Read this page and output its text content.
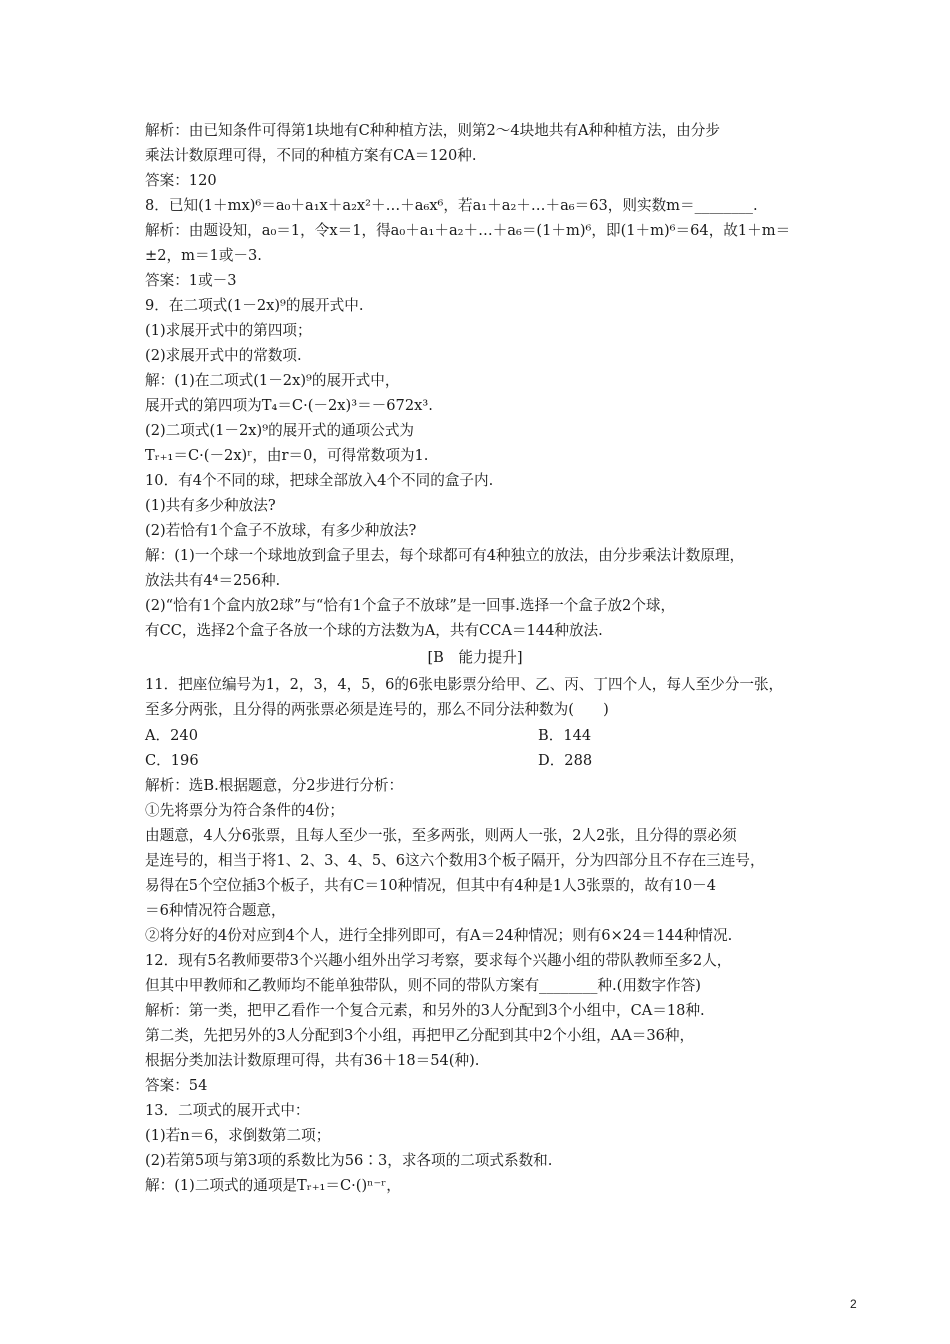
解析：由已知条件可得第1块地有C种种植方法，则第2～4块地共有A种种植方法，由分步
乘法计数原理可得，不同的种植方案有CA＝120种.
答案：120
8．已知(1＋mx)⁶＝a₀＋a₁x＋a₂x²＋…＋a₆x⁶，若a₁＋a₂＋…＋a₆＝63，则实数m＝________.
解析：由题设知，a₀＝1，令x＝1，得a₀＋a₁＋a₂＋…＋a₆＝(1＋m)⁶，即(1＋m)⁶＝64，故1＋m＝
±2，m＝1或－3.
答案：1或－3
9．在二项式(1－2x)⁹的展开式中.
(1)求展开式中的第四项；
(2)求展开式中的常数项.
解：(1)在二项式(1－2x)⁹的展开式中，
展开式的第四项为T₄＝C·(－2x)³＝－672x³.
(2)二项式(1－2x)⁹的展开式的通项公式为
Tᵣ₊₁＝C·(－2x)ʳ，由r＝0，可得常数项为1.
10．有4个不同的球，把球全部放入4个不同的盒子内.
(1)共有多少种放法?
(2)若恰有1个盒子不放球，有多少种放法?
解：(1)一个球一个球地放到盒子里去，每个球都可有4种独立的放法，由分步乘法计数原理，
放法共有4⁴＝256种.
(2)“恰有1个盒内放2球”与“恰有1个盒子不放球”是一回事.选择一个盒子放2个球，
有CC，选择2个盒子各放一个球的方法数为A，共有CCA＝144种放法.
[B　能力提升]
11．把座位编号为1，2，3，4，5，6的6张电影票分给甲、乙、丙、丁四个人，每人至少分一张，
至多分两张，且分得的两张票必须是连号的，那么不同分法种数为(　　)
A．240	B．144
C．196	D．288
解析：选B.根据题意，分2步进行分析：
①先将票分为符合条件的4份；
由题意，4人分6张票，且每人至少一张，至多两张，则两人一张，2人2张，且分得的票必须
是连号的，相当于将1、2、3、4、5、6这六个数用3个板子隔开，分为四部分且不存在三连号，
易得在5个空位插3个板子，共有C＝10种情况，但其中有4种是1人3张票的，故有10－4
＝6种情况符合题意，
②将分好的4份对应到4个人，进行全排列即可，有A＝24种情况；则有6×24＝144种情况.
12．现有5名教师要带3个兴趣小组外出学习考察，要求每个兴趣小组的带队教师至多2人，
但其中甲教师和乙教师均不能单独带队，则不同的带队方案有________种.(用数字作答)
解析：第一类，把甲乙看作一个复合元素，和另外的3人分配到3个小组中，CA＝18种.
第二类，先把另外的3人分配到3个小组，再把甲乙分配到其中2个小组，AA＝36种，
根据分类加法计数原理可得，共有36＋18＝54(种).
答案：54
13．二项式的展开式中：
(1)若n＝6，求倒数第二项；
(2)若第5项与第3项的系数比为56∶3，求各项的二项式系数和.
解：(1)二项式的通项是Tᵣ₊₁＝C·()ⁿ⁻ʳ，
2
